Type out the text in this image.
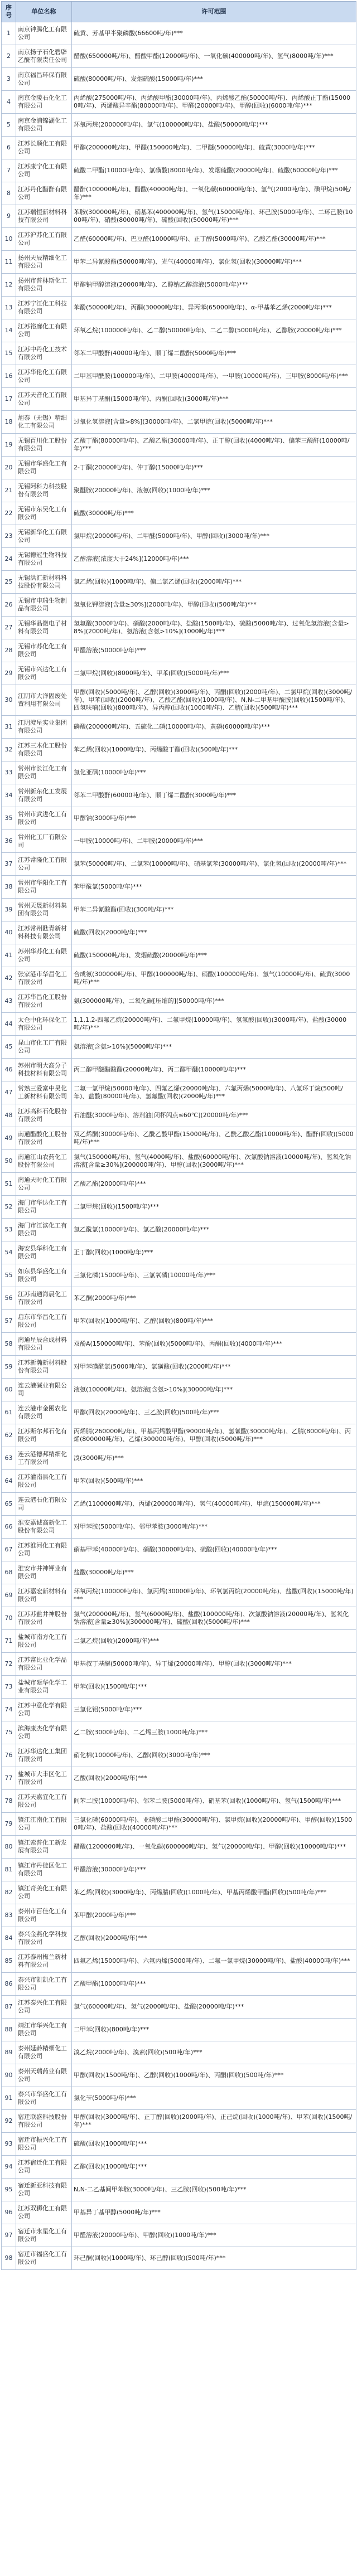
序号	单位名称	许可范围
1	南京钟腾化工有限公司	硫黄、芳基甲半聚磷酸(66600吨/年)***
2	南京扬子石化碧辟乙酰有限责任公司	醋酸(650000吨/年)、醋酸甲酯(12000吨/年)、一氧化碳(400000吨/年)、氢气(8000吨/年)***
3	南京福昌环保有限公司	硫酸(80000吨/年)、发烟硫酸(15000吨/年)***
4	南京金陵石化化工有限公司	丙烯酸(275000吨/年)、丙烯酸甲酯(30000吨/年)、丙烯酸乙酯(50000吨/年)、丙烯酸正丁酯(150000吨/年)、丙烯酸异辛酯(80000吨/年)、甲醛(20000吨/年)、甲醇(回收)(6000吨/年)***
5	南京金浦锦湖化工有限公司	环氧丙烷(200000吨/年)、氯气(100000吨/年)、盐酸(50000吨/年)***
6	江苏长顺化工有限公司	甲醇(200000吨/年)、甲醛(150000吨/年)、二甲醚(50000吨/年)、硫黄(3000吨/年)***
7	江苏康宁化工有限公司	硫酸二甲酯(10000吨/年)、氯磺酸(8000吨/年)、发烟硫酸(20000吨/年)、硫酸(60000吨/年)***
8	江苏丹化醋酐有限公司	醋酐(100000吨/年)、醋酸(40000吨/年)、一氧化碳(60000吨/年)、氢气(2000吨/年)、碘甲烷(50吨/年)***
9	江苏瑞恒新材料科技有限公司	苯胺(300000吨/年)、硝基苯(400000吨/年)、氢气(15000吨/年)、环己胺(5000吨/年)、二环己胺(1000吨/年)、硝酸(80000吨/年)、硫酸(回收)(50000吨/年)***
10	江苏沪苏化工有限公司	乙醛(60000吨/年)、巴豆醛(10000吨/年)、正丁醇(5000吨/年)、乙酸乙酯(30000吨/年)***
11	扬州天辰精细化工有限公司	甲苯二异氰酸酯(50000吨/年)、光气(40000吨/年)、氯化氢(回收)(30000吨/年)***
12	扬州市普林斯化工有限公司	甲醇钠甲醇溶液(20000吨/年)、乙醇钠乙醇溶液(5000吨/年)***
13	江苏宁江化工科技有限公司	苯酚(50000吨/年)、丙酮(30000吨/年)、异丙苯(65000吨/年)、α-甲基苯乙烯(2000吨/年)***
14	江苏裕廊化工有限公司	环氧乙烷(100000吨/年)、乙二醇(50000吨/年)、二乙二醇(5000吨/年)、乙醇胺(20000吨/年)***
15	江苏中丹化工技术有限公司	邻苯二甲酸酐(40000吨/年)、顺丁烯二酸酐(5000吨/年)***
16	江苏华伦化工有限公司	二甲基甲酰胺(100000吨/年)、二甲胺(40000吨/年)、一甲胺(10000吨/年)、三甲胺(8000吨/年)***
17	江苏天音化工有限公司	甲基异丁基酮(15000吨/年)、丙酮(回收)(3000吨/年)***
18	旭泰（无锡）精细化工有限公司	过氧化氢溶液[含量>8%](30000吨/年)、二氯甲烷(回收)(5000吨/年)***
19	无锡百川化工股份有限公司	乙酸丁酯(80000吨/年)、乙酸乙酯(30000吨/年)、正丁醇(回收)(4000吨/年)、偏苯三酸酐(10000吨/年)***
20	无锡市华盛化工有限公司	2-丁酮(20000吨/年)、仲丁醇(15000吨/年)***
21	无锡阿科力科技股份有限公司	聚醚胺(20000吨/年)、液氨(回收)(1000吨/年)***
22	无锡市东吴化工有限公司	硫酸(30000吨/年)***
23	无锡新华化工有限公司	氯甲烷(20000吨/年)、二甲醚(5000吨/年)、甲醇(回收)(3000吨/年)***
24	无锡德冠生物科技有限公司	乙醇溶液[浓度大于24%](12000吨/年)***
25	无锡洪汇新材料科技股份有限公司	氯乙烯(回收)(1000吨/年)、偏二氯乙烯(回收)(2000吨/年)***
26	无锡市申瑞生物制品有限公司	氢氧化钾溶液[含量≥30%](2000吨/年)、甲醇(回收)(500吨/年)***
27	无锡华晶微电子材料有限公司	氢氟酸(3000吨/年)、硝酸(2000吨/年)、盐酸(1500吨/年)、硫酸(5000吨/年)、过氧化氢溶液[含量>8%](2000吨/年)、氨溶液[含氨>10%](1000吨/年)***
28	无锡市苏化化工有限公司	甲醛溶液(50000吨/年)***
29	无锡市兴达化工有限公司	二氯甲烷(回收)(8000吨/年)、甲苯(回收)(5000吨/年)***
30	江阴市大洋固废处置利用有限公司	甲醇(回收)(5000吨/年)、乙醇(回收)(3000吨/年)、丙酮(回收)(2000吨/年)、二氯甲烷(回收)(3000吨/年)、甲苯(回收)(2000吨/年)、乙酸乙酯(回收)(1000吨/年)、N,N-二甲基甲酰胺(回收)(1500吨/年)、四氢呋喃(回收)(800吨/年)、异丙醇(回收)(1000吨/年)、乙腈(回收)(500吨/年)***
31	江阴澄星实业集团有限公司	磷酸(200000吨/年)、五硫化二磷(10000吨/年)、黄磷(60000吨/年)***
32	江苏三木化工股份有限公司	苯乙烯(回收)(1000吨/年)、丙烯酸丁酯(回收)(500吨/年)***
33	常州市长江化工有限公司	氯化亚砜(10000吨/年)***
34	常州新东化工发展有限公司	邻苯二甲酸酐(60000吨/年)、顺丁烯二酸酐(3000吨/年)***
35	常州市武进化工有限公司	甲醇钠(3000吨/年)***
36	常州化工厂有限公司	一甲胺(10000吨/年)、二甲胺(20000吨/年)***
37	江苏常隆化工有限公司	氯苯(50000吨/年)、二氯苯(10000吨/年)、硝基氯苯(30000吨/年)、氯化氢(回收)(20000吨/年)***
38	常州市华阳化工有限公司	苯甲酰氯(5000吨/年)***
39	常州天晟新材料集团有限公司	甲苯二异氰酸酯(回收)(300吨/年)***
40	江苏常州酞青新材料科技有限公司	硫酸(回收)(2000吨/年)***
41	苏州华苏化工有限公司	硫酸(150000吨/年)、发烟硫酸(20000吨/年)***
42	张家港市华昌化工有限公司	合成氨(300000吨/年)、甲醇(100000吨/年)、硝酸(100000吨/年)、氢气(10000吨/年)、硫黄(3000吨/年)***
43	江苏华昌化工股份有限公司	氨(300000吨/年)、二氧化碳[压缩的](50000吨/年)***
44	太仓中化环保化工有限公司	1,1,1,2-四氟乙烷(20000吨/年)、二氟甲烷(10000吨/年)、氢氟酸(回收)(3000吨/年)、盐酸(30000吨/年)***
45	昆山市化工厂有限公司	氨溶液[含氨>10%](5000吨/年)***
46	苏州市明大高分子科技材料有限公司	丙二醇甲醚醋酸酯(20000吨/年)、丙二醇甲醚(10000吨/年)***
47	常熟三爱富中昊化工新材料有限公司	二氟一氯甲烷(50000吨/年)、四氟乙烯(20000吨/年)、六氟丙烯(5000吨/年)、八氟环丁烷(500吨/年)、盐酸(80000吨/年)、氢氟酸(回收)(2000吨/年)***
48	江苏高科石化股份有限公司	石油醚(3000吨/年)、溶剂油[闭杯闪点≤60℃](20000吨/年)***
49	南通醋酸化工股份有限公司	双乙烯酮(30000吨/年)、乙酰乙酸甲酯(15000吨/年)、乙酰乙酸乙酯(10000吨/年)、醋酐(回收)(5000吨/年)***
50	南通江山农药化工股份有限公司	氯气(150000吨/年)、氢气(4000吨/年)、盐酸(60000吨/年)、次氯酸钠溶液(10000吨/年)、氢氧化钠溶液[含量≥30%](200000吨/年)、甲醇(回收)(3000吨/年)***
51	南通天时化工有限公司	乙酸乙酯(20000吨/年)***
52	海门市华达化工有限公司	二氯甲烷(回收)(1500吨/年)***
53	海门市江滨化工有限公司	氯乙酰氯(10000吨/年)、氯乙酸(20000吨/年)***
54	海安县华科化工有限公司	正丁醇(回收)(1000吨/年)***
55	如东县华盛化工有限公司	三氯化磷(15000吨/年)、三氯氧磷(10000吨/年)***
56	江苏南通海晨化工有限公司	苯乙酮(2000吨/年)***
57	启东市华昌化工有限公司	甲苯(回收)(1000吨/年)、乙醇(回收)(800吨/年)***
58	南通星辰合成材料有限公司	双酚A(150000吨/年)、苯酚(回收)(5000吨/年)、丙酮(回收)(4000吨/年)***
59	江苏新瀚新材料股份有限公司	对甲苯磺酰氯(5000吨/年)、氯磺酸(回收)(2000吨/年)***
60	连云港碱业有限公司	液氨(10000吨/年)、氨溶液[含氨>10%](30000吨/年)***
61	连云港市金囤农化有限公司	甲醇(回收)(2000吨/年)、三乙胺(回收)(500吨/年)***
62	江苏斯尔邦石化有限公司	丙烯腈(260000吨/年)、甲基丙烯酸甲酯(90000吨/年)、氢氰酸(30000吨/年)、乙腈(8000吨/年)、丙烯(800000吨/年)、乙烯(300000吨/年)、甲醇(回收)(5000吨/年)***
63	连云港德邦精细化工有限公司	溴(3000吨/年)***
64	江苏灌南县化工有限公司	甲苯(回收)(500吨/年)***
65	连云港石化有限公司	乙烯(1100000吨/年)、丙烯(200000吨/年)、氢气(40000吨/年)、甲烷(150000吨/年)***
66	淮安嘉诚高新化工股份有限公司	对甲苯胺(5000吨/年)、邻甲苯胺(3000吨/年)***
67	江苏淮河化工有限公司	硝基甲苯(40000吨/年)、硝酸(30000吨/年)、硫酸(回收)(40000吨/年)***
68	淮安市井神钾业有限公司	盐酸(30000吨/年)***
69	江苏嘉宏新材料有限公司	环氧丙烷(100000吨/年)、氯丙烯(30000吨/年)、环氧氯丙烷(20000吨/年)、盐酸(回收)(15000吨/年)***
70	江苏苏盐井神股份有限公司	氯气(200000吨/年)、氢气(6000吨/年)、盐酸(100000吨/年)、次氯酸钠溶液(20000吨/年)、氢氧化钠溶液[含量≥30%](300000吨/年)、硫酸(回收)(5000吨/年)***
71	盐城市南方化工有限公司	二氯乙烷(回收)(2000吨/年)***
72	江苏富比亚化学品有限公司	甲基叔丁基醚(50000吨/年)、异丁烯(20000吨/年)、甲醇(回收)(3000吨/年)***
73	盐城市瓯华化学工业有限公司	甲苯(回收)(1500吨/年)***
74	江苏中意化学有限公司	三氯化铝(5000吨/年)***
75	滨海康杰化学有限公司	乙二胺(3000吨/年)、二乙烯三胺(1000吨/年)***
76	江苏华达化工集团有限公司	硝化棉(10000吨/年)、乙醇(回收)(3000吨/年)***
77	盐城市大丰区化工有限公司	乙酸(回收)(2000吨/年)***
78	江苏天嘉宜化工有限公司	间苯二胺(10000吨/年)、邻苯二胺(5000吨/年)、硝基苯(回收)(1000吨/年)、氢气(1500吨/年)***
79	镇江江南化工有限公司	三氯化磷(60000吨/年)、亚磷酸二甲酯(30000吨/年)、氯甲烷(回收)(20000吨/年)、甲醇(回收)(15000吨/年)、盐酸(回收)(40000吨/年)***
80	镇江索普化工新发展有限公司	醋酸(1200000吨/年)、一氧化碳(600000吨/年)、氢气(20000吨/年)、甲醇(回收)(10000吨/年)***
81	镇江市丹徒区化工有限公司	甲醛溶液(30000吨/年)***
82	镇江奇美化工有限公司	苯乙烯(回收)(3000吨/年)、丙烯腈(回收)(1000吨/年)、甲基丙烯酸甲酯(回收)(500吨/年)***
83	泰州市百佳化工有限公司	苯甲醇(2000吨/年)***
84	泰兴金燕化学科技有限公司	乙醇(回收)(2000吨/年)***
85	江苏泰州梅兰新材料有限公司	四氟乙烯(15000吨/年)、六氟丙烯(5000吨/年)、二氟一氯甲烷(30000吨/年)、盐酸(40000吨/年)***
86	泰兴市凯凯化工有限公司	乙酸甲酯(10000吨/年)***
87	江苏泰兴化工有限公司	氯气(60000吨/年)、氢气(2000吨/年)、盐酸(20000吨/年)***
88	靖江市华兴化工有限公司	二甲苯(回收)(800吨/年)***
89	泰州延龄精细化工有限公司	溴乙烷(2000吨/年)、溴素(回收)(500吨/年)***
90	泰州天瑞药业有限公司	甲醇(回收)(1500吨/年)、乙醇(回收)(1000吨/年)、丙酮(回收)(500吨/年)***
91	泰兴市华盛化工有限公司	氯化苄(5000吨/年)***
92	宿迁联盛科技股份有限公司	甲醇(回收)(3000吨/年)、正丁醇(回收)(2000吨/年)、正己烷(回收)(1000吨/年)、甲苯(回收)(1500吨/年)***
93	宿迁市振兴化工有限公司	硫酸(回收)(1000吨/年)***
94	江苏宿迁化工有限公司	乙醇(回收)(1000吨/年)***
95	宿迁新亚科技有限公司	N,N-二乙基间甲苯胺(3000吨/年)、三乙胺(回收)(500吨/年)***
96	江苏双狮化工有限公司	甲基异丁基甲醇(5000吨/年)***
97	宿迁市永星化工有限公司	甲醛溶液(20000吨/年)、甲醇(回收)(1000吨/年)***
98	宿迁市福盛化工有限公司	环己酮(回收)(1000吨/年)、环己醇(回收)(500吨/年)***
